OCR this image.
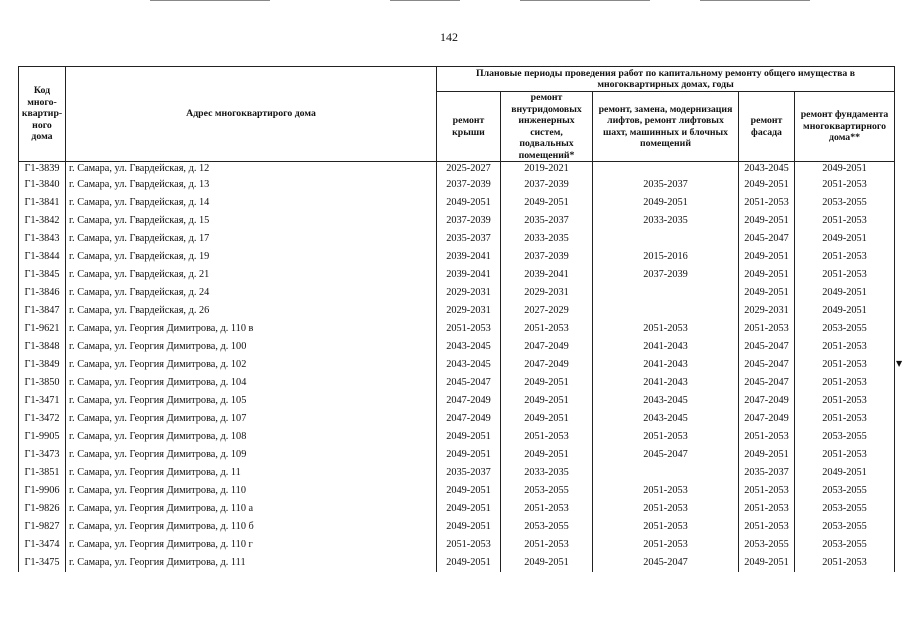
142
Код много-квартир-ного дома	Адрес многоквартирого дома	Плановые периоды проведения работ по капитальному ремонту общего имущества в многоквартирных домах, годы				
		ремонт крыши	ремонт внутридомовых инженерных систем, подвальных помещений*	ремонт, замена, модернизация лифтов, ремонт лифтовых шахт, машинных и блочных помещений	ремонт фасада	ремонт фундамента многоквартирного дома**
Г1-3839	г. Самара, ул. Гвардейская, д. 12	2025-2027	2019-2021		2043-2045	2049-2051
Г1-3840	г. Самара, ул. Гвардейская, д. 13	2037-2039	2037-2039	2035-2037	2049-2051	2051-2053
Г1-3841	г. Самара, ул. Гвардейская, д. 14	2049-2051	2049-2051	2049-2051	2051-2053	2053-2055
Г1-3842	г. Самара, ул. Гвардейская, д. 15	2037-2039	2035-2037	2033-2035	2049-2051	2051-2053
Г1-3843	г. Самара, ул. Гвардейская, д. 17	2035-2037	2033-2035		2045-2047	2049-2051
Г1-3844	г. Самара, ул. Гвардейская, д. 19	2039-2041	2037-2039	2015-2016	2049-2051	2051-2053
Г1-3845	г. Самара, ул. Гвардейская, д. 21	2039-2041	2039-2041	2037-2039	2049-2051	2051-2053
Г1-3846	г. Самара, ул. Гвардейская, д. 24	2029-2031	2029-2031		2049-2051	2049-2051
Г1-3847	г. Самара, ул. Гвардейская, д. 26	2029-2031	2027-2029		2029-2031	2049-2051
Г1-9621	г. Самара, ул. Георгия Димитрова, д. 110 в	2051-2053	2051-2053	2051-2053	2051-2053	2053-2055
Г1-3848	г. Самара, ул. Георгия Димитрова, д. 100	2043-2045	2047-2049	2041-2043	2045-2047	2051-2053
Г1-3849	г. Самара, ул. Георгия Димитрова, д. 102	2043-2045	2047-2049	2041-2043	2045-2047	2051-2053
Г1-3850	г. Самара, ул. Георгия Димитрова, д. 104	2045-2047	2049-2051	2041-2043	2045-2047	2051-2053
Г1-3471	г. Самара, ул. Георгия Димитрова, д. 105	2047-2049	2049-2051	2043-2045	2047-2049	2051-2053
Г1-3472	г. Самара, ул. Георгия Димитрова, д. 107	2047-2049	2049-2051	2043-2045	2047-2049	2051-2053
Г1-9905	г. Самара, ул. Георгия Димитрова, д. 108	2049-2051	2051-2053	2051-2053	2051-2053	2053-2055
Г1-3473	г. Самара, ул. Георгия Димитрова, д. 109	2049-2051	2049-2051	2045-2047	2049-2051	2051-2053
Г1-3851	г. Самара, ул. Георгия Димитрова, д. 11	2035-2037	2033-2035		2035-2037	2049-2051
Г1-9906	г. Самара, ул. Георгия Димитрова, д. 110	2049-2051	2053-2055	2051-2053	2051-2053	2053-2055
Г1-9826	г. Самара, ул. Георгия Димитрова, д. 110 а	2049-2051	2051-2053	2051-2053	2051-2053	2053-2055
Г1-9827	г. Самара, ул. Георгия Димитрова, д. 110 б	2049-2051	2053-2055	2051-2053	2051-2053	2053-2055
Г1-3474	г. Самара, ул. Георгия Димитрова, д. 110 г	2051-2053	2051-2053	2051-2053	2053-2055	2053-2055
Г1-3475	г. Самара, ул. Георгия Димитрова, д. 111	2049-2051	2049-2051	2045-2047	2049-2051	2051-2053
▼
